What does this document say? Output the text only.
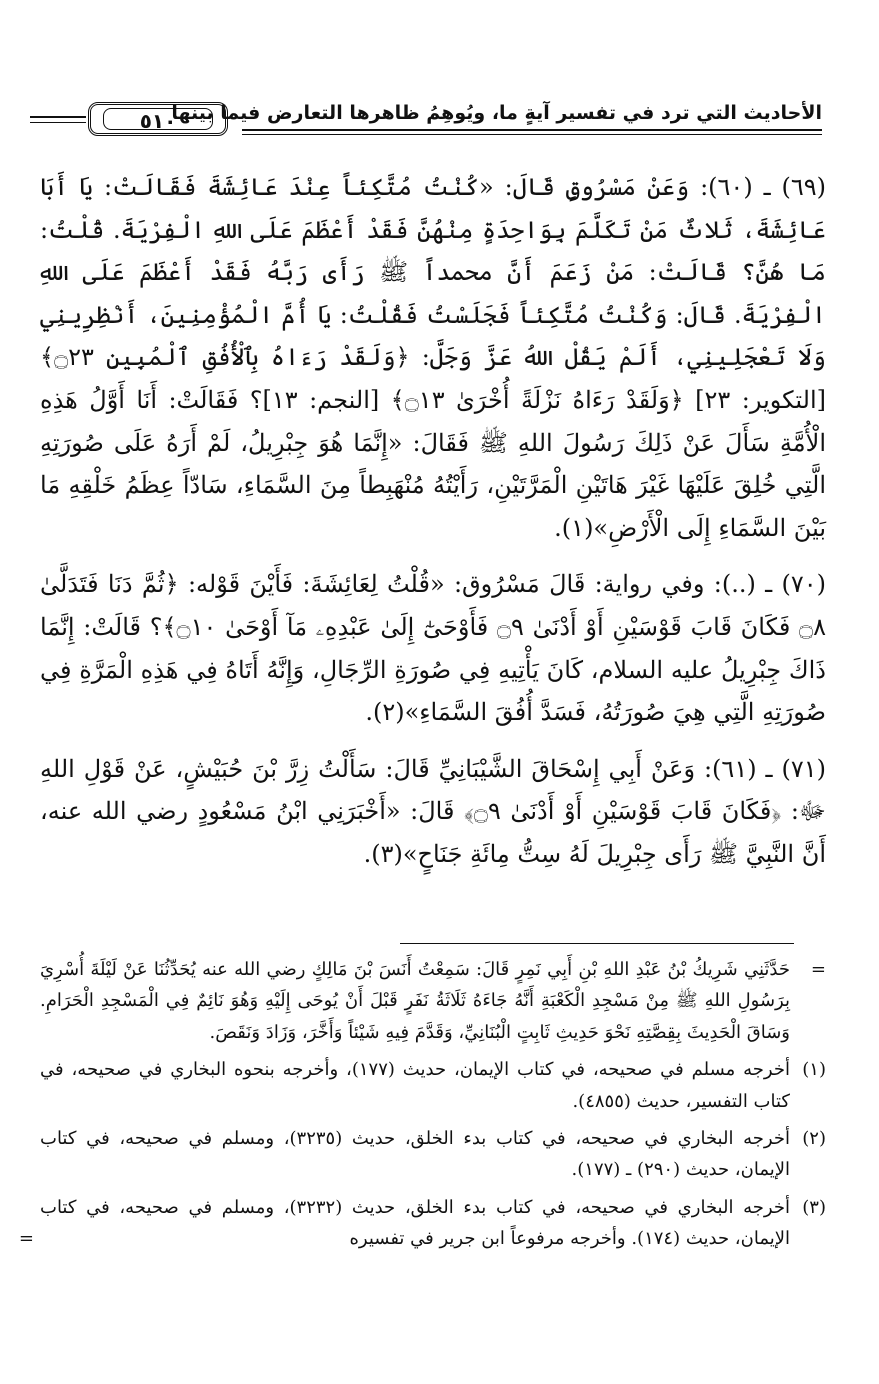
الأحاديث التي ترد في تفسير آيةٍ ما، ويُوهِمُ ظاهرها التعارض فيما بينها
٥١٠

(٦٩) ـ (٦٠): وَعَنْ مَسْرُوقٍ قَالَ: «كُنْتُ مُتَّكِئاً عِنْدَ عَائِشَةَ فَقَالَتْ: يَا أَبَا عَائِشَةَ، ثَلاثٌ مَنْ تَكَلَّمَ بِوَاحِدَةٍ مِنْهُنَّ فَقَدْ أَعْظَمَ عَلَى اللهِ الْفِرْيَةَ. قُلْتُ: مَا هُنَّ؟ قَالَتْ: مَنْ زَعَمَ أَنَّ محمداً ﷺ رَأَى رَبَّهُ فَقَدْ أَعْظَمَ عَلَى اللهِ الْفِرْيَةَ. قَالَ: وَكُنْتُ مُتَّكِئاً فَجَلَسْتُ فَقُلْتُ: يَا أُمَّ الْمُؤْمِنِينَ، أَنْظِرِينِي وَلَا تَعْجَلِينِي، أَلَمْ يَقُلْ اللهُ عَزَّ وَجَلَّ: ﴿وَلَقَدْ رَءَاهُ بِٱلْأُفُقِ ٱلْمُبِينِ ۝٢٣﴾ [التكوير: ٢٣] ﴿وَلَقَدْ رَءَاهُ نَزْلَةً أُخْرَىٰ ۝١٣﴾ [النجم: ١٣]؟ فَقَالَتْ: أَنَا أَوَّلُ هَذِهِ الْأُمَّةِ سَأَلَ عَنْ ذَلِكَ رَسُولَ اللهِ ﷺ فَقَالَ: «إِنَّمَا هُوَ جِبْرِيلُ، لَمْ أَرَهُ عَلَى صُورَتِهِ الَّتِي خُلِقَ عَلَيْهَا غَيْرَ هَاتَيْنِ الْمَرَّتَيْنِ، رَأَيْتُهُ مُنْهَبِطاً مِنَ السَّمَاءِ، سَادّاً عِظَمُ خَلْقِهِ مَا بَيْنَ السَّمَاءِ إِلَى الْأَرْضِ»(١).

(٧٠) ـ (..): وفي رواية: قَالَ مَسْرُوق: «قُلْتُ لِعَائِشَةَ: فَأَيْنَ قَوْله: ﴿ثُمَّ دَنَا فَتَدَلَّىٰ ۝٨ فَكَانَ قَابَ قَوْسَيْنِ أَوْ أَدْنَىٰ ۝٩ فَأَوْحَىٰٓ إِلَىٰ عَبْدِهِۦ مَآ أَوْحَىٰ ۝١٠﴾؟ قَالَتْ: إِنَّمَا ذَاكَ جِبْرِيلُ عليه السلام، كَانَ يَأْتِيهِ فِي صُورَةِ الرِّجَالِ، وَإِنَّهُ أَتَاهُ فِي هَذِهِ الْمَرَّةِ فِي صُورَتِهِ الَّتِي هِيَ صُورَتُهُ، فَسَدَّ أُفُقَ السَّمَاءِ»(٢).

(٧١) ـ (٦١): وَعَنْ أَبِي إِسْحَاقَ الشَّيْبَانِيِّ قَالَ: سَأَلْتُ زِرَّ بْنَ حُبَيْشٍ، عَنْ قَوْلِ اللهِ ﷻ: ﴿فَكَانَ قَابَ قَوْسَيْنِ أَوْ أَدْنَىٰ ۝٩﴾ قَالَ: «أَخْبَرَنِي ابْنُ مَسْعُودٍ رضي الله عنه، أَنَّ النَّبِيَّ ﷺ رَأَى جِبْرِيلَ لَهُ سِتُّ مِائَةِ جَنَاحٍ»(٣).

=
حَدَّثَنِي شَرِيكُ بْنُ عَبْدِ اللهِ بْنِ أَبِي نَمِرٍ قَالَ: سَمِعْتُ أَنَسَ بْنَ مَالِكٍ رضي الله عنه يُحَدِّثُنَا عَنْ لَيْلَةَ أُسْرِيَ بِرَسُولِ اللهِ ﷺ مِنْ مَسْجِدِ الْكَعْبَةِ أَنَّهُ جَاءَهُ ثَلَاثَةُ نَفَرٍ قَبْلَ أَنْ يُوحَى إِلَيْهِ وَهُوَ نَائِمٌ فِي الْمَسْجِدِ الْحَرَامِ. وَسَاقَ الْحَدِيثَ بِقِصَّتِهِ نَحْوَ حَدِيثِ ثَابِتٍ الْبُنَانِيِّ، وَقَدَّمَ فِيهِ شَيْئاً وَأَخَّرَ، وَزَادَ وَنَقَصَ.

(١)
أخرجه مسلم في صحيحه، في كتاب الإيمان، حديث (١٧٧)، وأخرجه بنحوه البخاري في صحيحه، في كتاب التفسير، حديث (٤٨٥٥).

(٢)
أخرجه البخاري في صحيحه، في كتاب بدء الخلق، حديث (٣٢٣٥)، ومسلم في صحيحه، في كتاب الإيمان، حديث (٢٩٠) ـ (١٧٧).

(٣)
أخرجه البخاري في صحيحه، في كتاب بدء الخلق، حديث (٣٢٣٢)، ومسلم في صحيحه، في كتاب الإيمان، حديث (١٧٤). وأخرجه مرفوعاً ابن جرير في تفسيره
=
